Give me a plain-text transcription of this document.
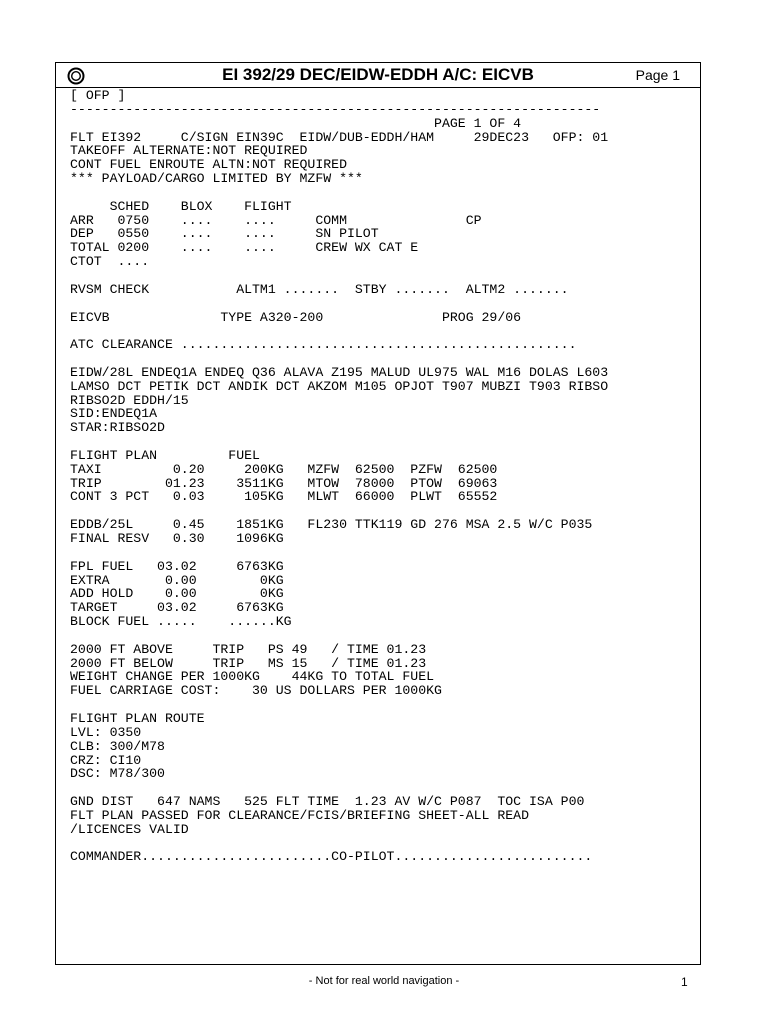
EI 392/29 DEC/EIDW-EDDH A/C: EICVB	Page 1
[ OFP ]
-------------------------------------------------------------------
PAGE 1 OF 4
FLT EI392     C/SIGN EIN39C  EIDW/DUB-EDDH/HAM     29DEC23   OFP: 01
TAKEOFF ALTERNATE:NOT REQUIRED
CONT FUEL ENROUTE ALTN:NOT REQUIRED
*** PAYLOAD/CARGO LIMITED BY MZFW ***
SCHED    BLOX    FLIGHT
ARR   0750    ....    ....     COMM               CP
DEP   0550    ....    ....     SN PILOT
TOTAL 0200    ....    ....     CREW WX CAT E
CTOT  ....
RVSM CHECK           ALTM1 .......  STBY .......  ALTM2 .......
EICVB              TYPE A320-200               PROG 29/06
ATC CLEARANCE ..................................................
EIDW/28L ENDEQ1A ENDEQ Q36 ALAVA Z195 MALUD UL975 WAL M16 DOLAS L603
LAMSO DCT PETIK DCT ANDIK DCT AKZOM M105 OPJOT T907 MUBZI T903 RIBSO
RIBSO2D EDDH/15
SID:ENDEQ1A
STAR:RIBSO2D
FLIGHT PLAN         FUEL
TAXI         0.20     200KG   MZFW  62500  PZFW  62500
TRIP        01.23    3511KG   MTOW  78000  PTOW  69063
CONT 3 PCT   0.03     105KG   MLWT  66000  PLWT  65552
EDDB/25L     0.45    1851KG   FL230 TTK119 GD 276 MSA 2.5 W/C P035
FINAL RESV   0.30    1096KG
FPL FUEL   03.02     6763KG
EXTRA       0.00        0KG
ADD HOLD    0.00        0KG
TARGET     03.02     6763KG
BLOCK FUEL .....    ......KG
2000 FT ABOVE     TRIP   PS 49   / TIME 01.23
2000 FT BELOW     TRIP   MS 15   / TIME 01.23
WEIGHT CHANGE PER 1000KG    44KG TO TOTAL FUEL
FUEL CARRIAGE COST:    30 US DOLLARS PER 1000KG
FLIGHT PLAN ROUTE
LVL: 0350
CLB: 300/M78
CRZ: CI10
DSC: M78/300
GND DIST   647 NAMS   525 FLT TIME  1.23 AV W/C P087  TOC ISA P00
FLT PLAN PASSED FOR CLEARANCE/FCIS/BRIEFING SHEET-ALL READ
/LICENCES VALID
COMMANDER........................CO-PILOT.........................
- Not for real world navigation -	1
